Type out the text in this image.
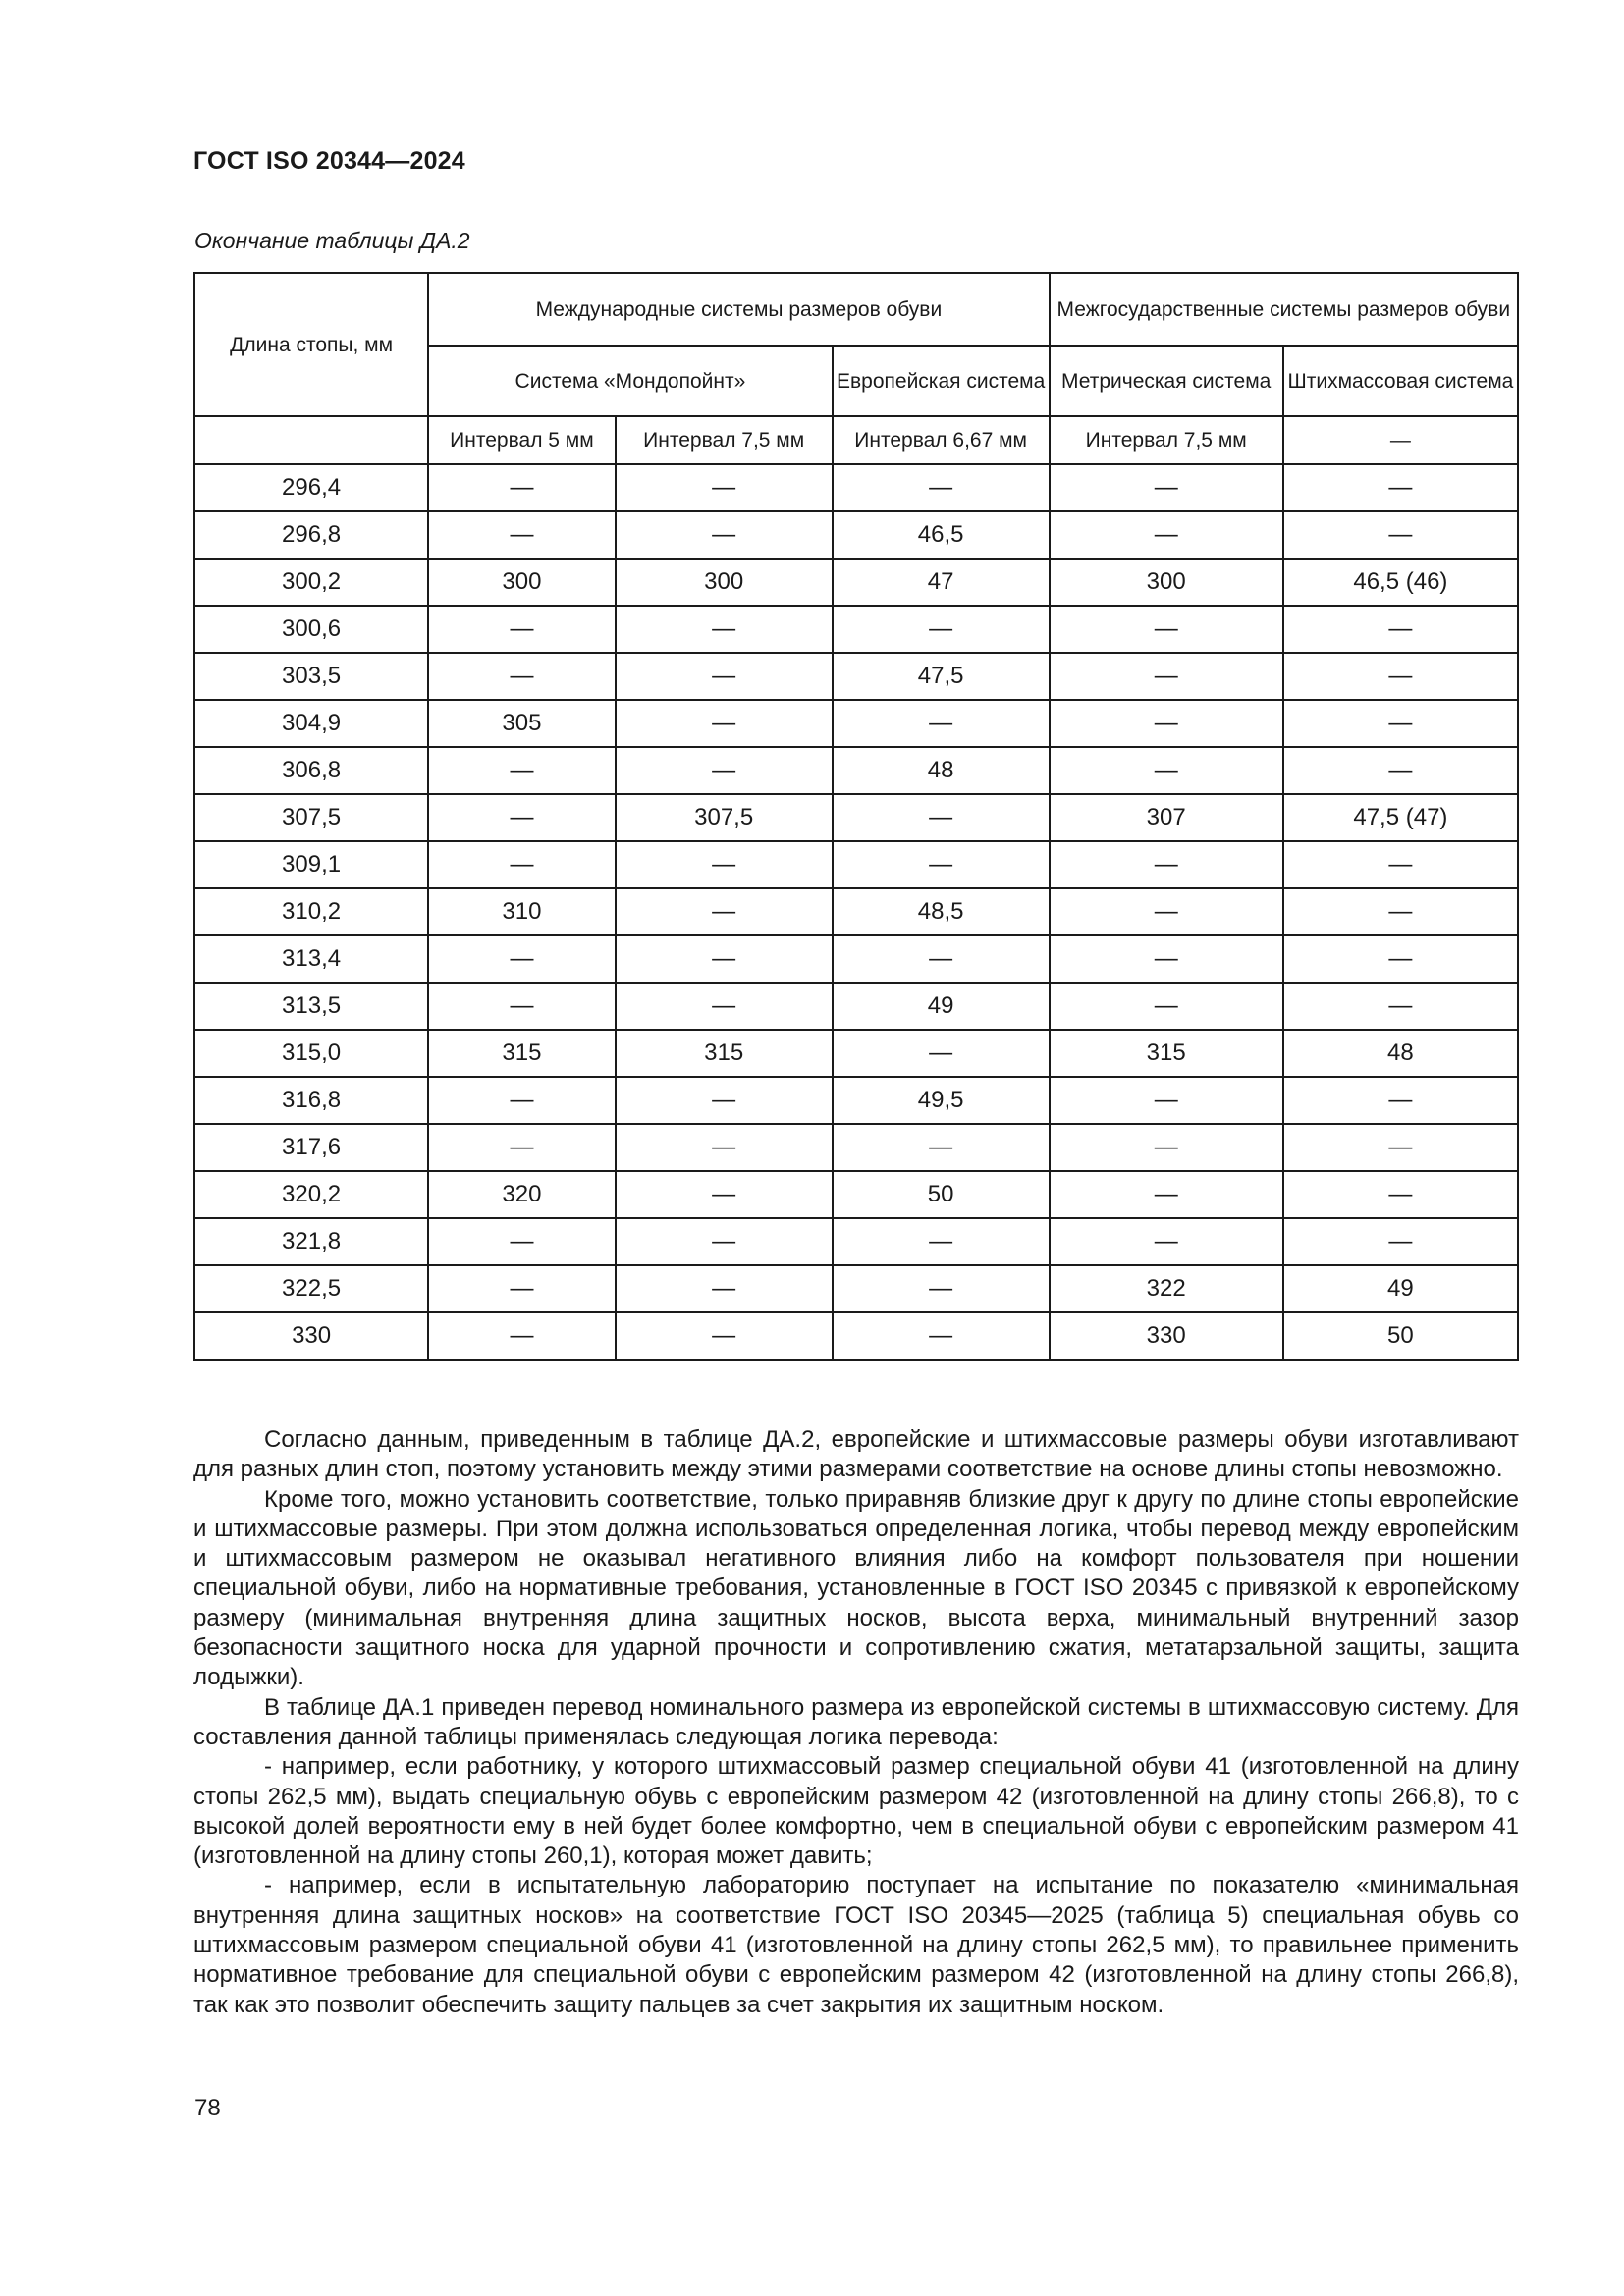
ГОСТ ISO 20344—2024
Окончание таблицы ДА.2
Длина стопы, мм	Международные системы размеров обуви			Межгосударственные системы размеров обуви	
	Система «Мондопойнт»		Европейская система	Метрическая система	Штихмассовая система
	Интервал 5 мм	Интервал 7,5 мм	Интервал 6,67 мм	Интервал 7,5 мм	—
296,4	—	—	—	—	—
296,8	—	—	46,5	—	—
300,2	300	300	47	300	46,5 (46)
300,6	—	—	—	—	—
303,5	—	—	47,5	—	—
304,9	305	—	—	—	—
306,8	—	—	48	—	—
307,5	—	307,5	—	307	47,5 (47)
309,1	—	—	—	—	—
310,2	310	—	48,5	—	—
313,4	—	—	—	—	—
313,5	—	—	49	—	—
315,0	315	315	—	315	48
316,8	—	—	49,5	—	—
317,6	—	—	—	—	—
320,2	320	—	50	—	—
321,8	—	—	—	—	—
322,5	—	—	—	322	49
330	—	—	—	330	50

Согласно данным, приведенным в таблице ДА.2, европейские и штихмассовые размеры обуви изготавливают для разных длин стоп, поэтому установить между этими размерами соответствие на основе длины стопы невозможно.

Кроме того, можно установить соответствие, только приравняв близкие друг к другу по длине стопы европейские и штихмассовые размеры. При этом должна использоваться определенная логика, чтобы перевод между европейским и штихмассовым размером не оказывал негативного влияния либо на комфорт пользователя при ношении специальной обуви, либо на нормативные требования, установленные в ГОСТ ISO 20345 с привязкой к европейскому размеру (минимальная внутренняя длина защитных носков, высота верха, минимальный внутренний зазор безопасности защитного носка для ударной прочности и сопротивлению сжатия, метатарзальной защиты, защита лодыжки).

В таблице ДА.1 приведен перевод номинального размера из европейской системы в штихмассовую систему. Для составления данной таблицы применялась следующая логика перевода:

- например, если работнику, у которого штихмассовый размер специальной обуви 41 (изготовленной на длину стопы 262,5 мм), выдать специальную обувь с европейским размером 42 (изготовленной на длину стопы 266,8), то с высокой долей вероятности ему в ней будет более комфортно, чем в специальной обуви с европейским размером 41 (изготовленной на длину стопы 260,1), которая может давить;

- например, если в испытательную лабораторию поступает на испытание по показателю «минимальная внутренняя длина защитных носков» на соответствие ГОСТ ISO 20345—2025 (таблица 5) специальная обувь со штихмассовым размером специальной обуви 41 (изготовленной на длину стопы 262,5 мм), то правильнее применить нормативное требование для специальной обуви с европейским размером 42 (изготовленной на длину стопы 266,8), так как это позволит обеспечить защиту пальцев за счет закрытия их защитным носком.

78
